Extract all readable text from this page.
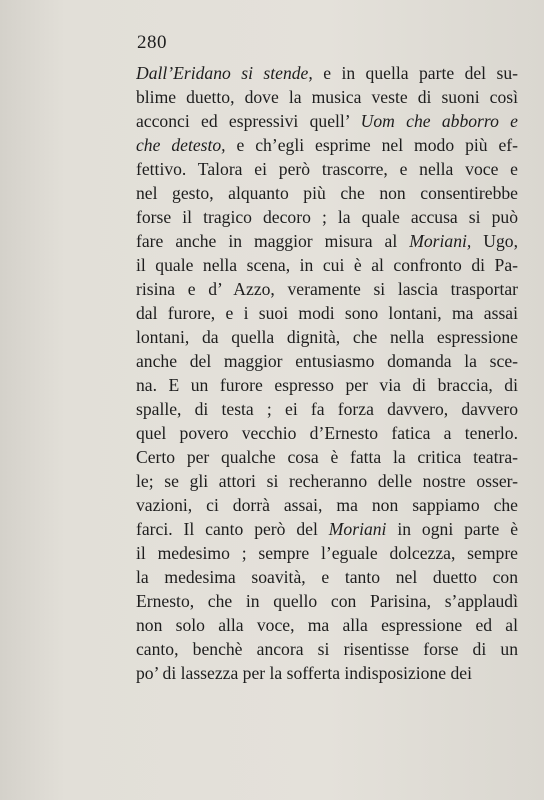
280
Dall’Eridano si stende, e in quella parte del su-
blime duetto, dove la musica veste di suoni così
acconci ed espressivi quell’ Uom che abborro e
che detesto, e ch’egli esprime nel modo più ef-
fettivo. Talora ei però trascorre, e nella voce e
nel gesto, alquanto più che non consentirebbe
forse il tragico decoro ; la quale accusa si può
fare anche in maggior misura al Moriani, Ugo,
il quale nella scena, in cui è al confronto di Pa-
risina e d’ Azzo, veramente si lascia trasportar
dal furore, e i suoi modi sono lontani, ma assai
lontani, da quella dignità, che nella espressione
anche del maggior entusiasmo domanda la sce-
na. E un furore espresso per via di braccia, di
spalle, di testa ; ei fa forza davvero, davvero
quel povero vecchio d’Ernesto fatica a tenerlo.
Certo per qualche cosa è fatta la critica teatra-
le; se gli attori si recheranno delle nostre osser-
vazioni, ci dorrà assai, ma non sappiamo che
farci. Il canto però del Moriani in ogni parte è
il medesimo ; sempre l’eguale dolcezza, sempre
la medesima soavità, e tanto nel duetto con
Ernesto, che in quello con Parisina, s’applaudì
non solo alla voce, ma alla espressione ed al
canto, benchè ancora si risentisse forse di un
po’ di lassezza per la sofferta indisposizione dei
